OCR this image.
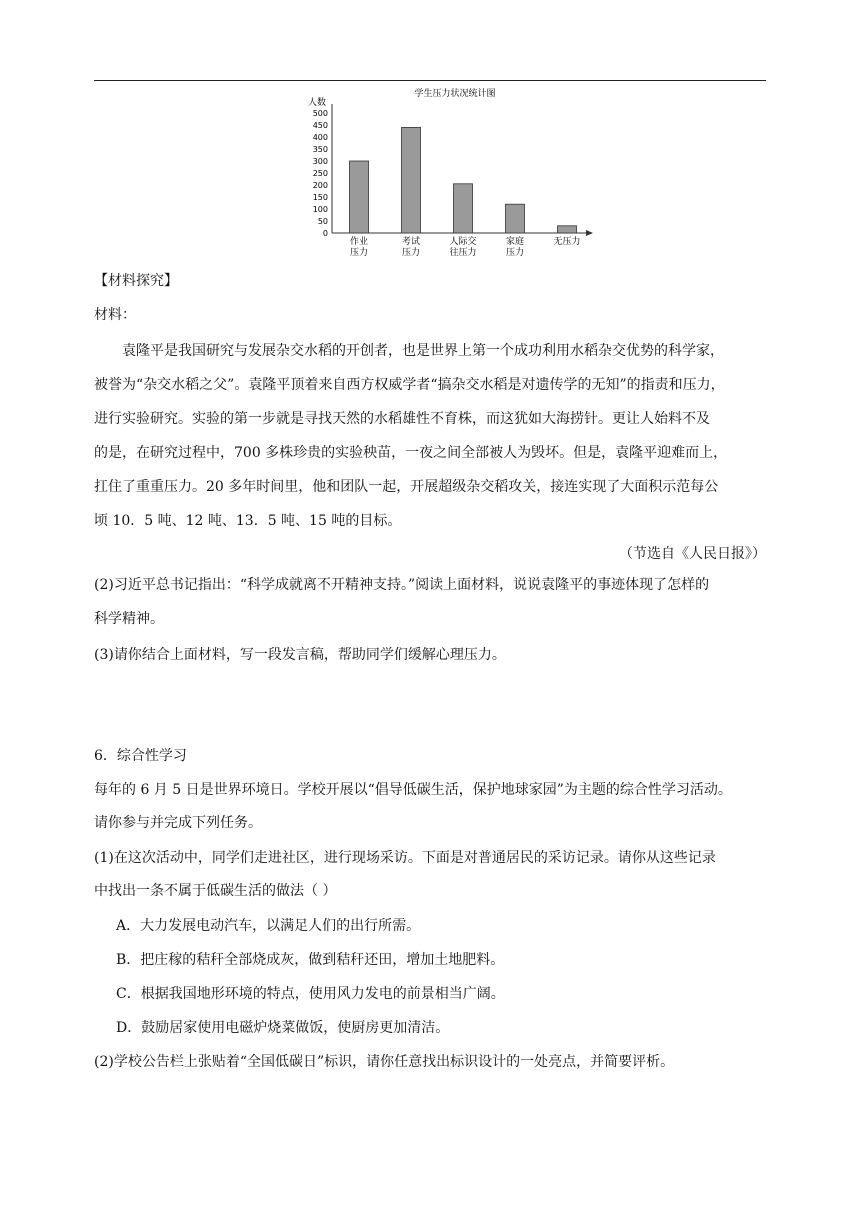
学生压力状况统计图
人数
0
50
100
150
200
250
300
350
400
450
500
作业
压力
考试
压力
人际交
往压力
家庭
压力
无压力
【材料探究】
材料：
袁隆平是我国研究与发展杂交水稻的开创者，也是世界上第一个成功利用水稻杂交优势的科学家，
被誉为“杂交水稻之父”。袁隆平顶着来自西方权威学者“搞杂交水稻是对遗传学的无知”的指责和压力，
进行实验研究。实验的第一步就是寻找天然的水稻雄性不育株，而这犹如大海捞针。更让人始料不及
的是，在研究过程中，700 多株珍贵的实验秧苗，一夜之间全部被人为毁坏。但是，袁隆平迎难而上，
扛住了重重压力。20 多年时间里，他和团队一起，开展超级杂交稻攻关，接连实现了大面积示范每公
顷 10．5 吨、12 吨、13．5 吨、15 吨的目标。
（节选自《人民日报》）
(2)习近平总书记指出：“科学成就离不开精神支持。”阅读上面材料，说说袁隆平的事迹体现了怎样的
科学精神。
(3)请你结合上面材料，写一段发言稿，帮助同学们缓解心理压力。
6．综合性学习
每年的 6 月 5 日是世界环境日。学校开展以“倡导低碳生活，保护地球家园”为主题的综合性学习活动。
请你参与并完成下列任务。
(1)在这次活动中，同学们走进社区，进行现场采访。下面是对普通居民的采访记录。请你从这些记录
中找出一条不属于低碳生活的做法（ ）
A．大力发展电动汽车，以满足人们的出行所需。
B．把庄稼的秸秆全部烧成灰，做到秸秆还田，增加土地肥料。
C．根据我国地形环境的特点，使用风力发电的前景相当广阔。
D．鼓励居家使用电磁炉烧菜做饭，使厨房更加清洁。
(2)学校公告栏上张贴着“全国低碳日”标识，请你任意找出标识设计的一处亮点，并简要评析。
